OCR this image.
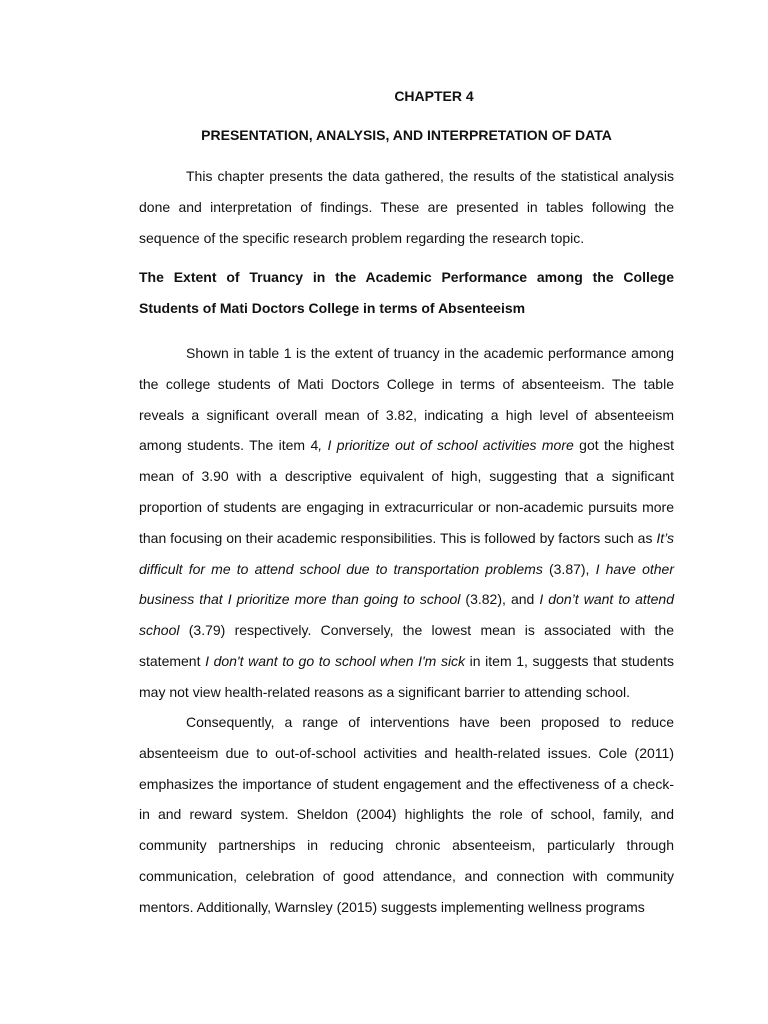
CHAPTER 4
PRESENTATION, ANALYSIS, AND INTERPRETATION OF DATA

This chapter presents the data gathered, the results of the statistical analysis done and interpretation of findings. These are presented in tables following the sequence of the specific research problem regarding the research topic.

The Extent of Truancy in the Academic Performance among the College Students of Mati Doctors College in terms of Absenteeism

Shown in table 1 is the extent of truancy in the academic performance among the college students of Mati Doctors College in terms of absenteeism. The table reveals a significant overall mean of 3.82, indicating a high level of absenteeism among students. The item 4, I prioritize out of school activities more got the highest mean of 3.90 with a descriptive equivalent of high, suggesting that a significant proportion of students are engaging in extracurricular or non-academic pursuits more than focusing on their academic responsibilities. This is followed by factors such as It’s difficult for me to attend school due to transportation problems (3.87), I have other business that I prioritize more than going to school (3.82), and I don’t want to attend school (3.79) respectively. Conversely, the lowest mean is associated with the statement I don't want to go to school when I'm sick in item 1, suggests that students may not view health-related reasons as a significant barrier to attending school.

Consequently, a range of interventions have been proposed to reduce absenteeism due to out-of-school activities and health-related issues. Cole (2011) emphasizes the importance of student engagement and the effectiveness of a check-in and reward system. Sheldon (2004) highlights the role of school, family, and community partnerships in reducing chronic absenteeism, particularly through communication, celebration of good attendance, and connection with community mentors. Additionally, Warnsley (2015) suggests implementing wellness programs
